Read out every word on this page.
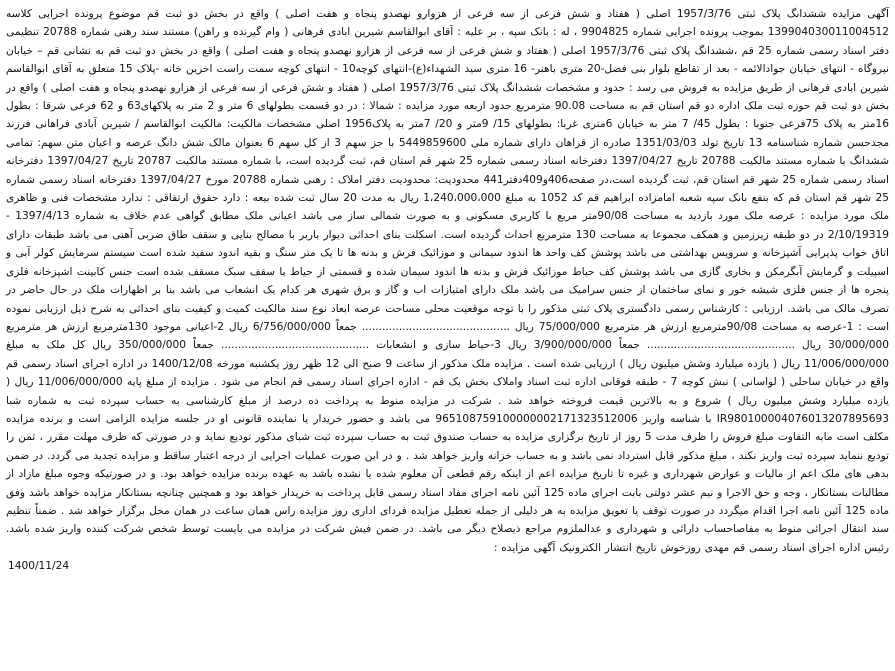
آگهی مزایده ششدانگ پلاک ثبتی 1957/3/76 اصلی ( هفتاد و شش فرعی از سه فرعی از هزوارو نهصدو پنجاه و هفت اصلی ) واقع در بخش دو ثبت قم موضوع پرونده اجرایی کلاسه 139904030011004512 بموجب پرونده اجرایی شماره 9904825 ، له : بانک سپه ، بر علیه : آقای ابوالقاسم شیرین ابادی فرهانی ( وام گیرنده و راهن) مستند سند رهنی شماره 20788 تنظیمی دفتر اسناد رسمی شماره 25 قم ،ششدانگ پلاک ثبتی 1957/3/76 اصلی ( هفتاد و شش فرعی از سه فرعی از هزارو نهصدو پنجاه و هفت اصلی ) واقع در بخش دو ثبت قم به نشانی قم – خیابان نیروگاه - انتهای خیابان جوادالائمه - بعد از تقاطع بلوار بنی فضل-20 متری باهنر- 16 متری سید الشهداء(ع)-انتهای کوچه10 - انتهای کوچه سمت راست اخرین خانه -پلاک 15 متعلق به آقای ابوالقاسم شیرین ابادی فرهانی از طریق مزایده به فروش می رسد : حدود و مشخصات ششدانگ پلاک ثبتی 1957/3/76 اصلی ( هفتاد و شش فرعی از سه فرعی از هزارو نهصدو پنجاه و هفت اصلی ) واقع در بخش دو ثبت قم حوزه ثبت ملک اداره دو قم استان قم به مساحت 90.08 مترمربع حدود اربعه مورد مزایده : شمالا : در دو قسمت بطولهای 6 متر و 2 متر به پلاکهای63 و 62 فرعی شرقا : بطول 16متر به پلاک 75فرعی جنوبا : بطول 45/ 7 متر به خیابان 6متری غربا: بطولهای 15/ 9متر و 20/ 7متر به پلاک1956 اصلی مشخصات مالکیت: مالکیت ابوالقاسم / شیرین آبادی فراهانی فرزند مجدحسن شماره شناسنامه 13 تاریخ تولد 1351/03/03 صادره از قراهان دارای شماره ملی 5449859600 با جز سهم 3 از کل سهم 6 بعنوان مالک شش دانگ عرصه و اعیان متن سهم: تمامی ششدانگ با شماره مستند مالکیت 20788 تاریخ 1397/04/27 دفترخانه اسناد رسمی شماره 25 شهر قم استان قم، ثبت گردیده است، با شماره مستند مالکیت 20787 تاریخ 1397/04/27 دفترخانه اسناد رسمی شماره 25 شهر قم استان قم، ثبت گردیده است،در صفحه406و409دفتر441 محدودیت: محدودیت دفتر املاک : رهنی شماره 20788 مورخ 1397/04/27 دفترخانه اسناد رسمی شماره 25 شهر قم استان قم که بنفع بانک سپه شعبه امامزاده ابراهیم قم کد 1052 به مبلغ 1،240،000،000 ریال به مدت 20 سال ثبت شده بیعه : دارد حقوق ارتفاقی : ندارد مشخصات فنی و ظاهری ملک مورد مزایده : عرصه ملک مورد بازدید به مساحت 90/08متر مربع با کاربری مسکونی و به صورت شمالی ساز می باشد اعیانی ملک مطابق گواهی عدم خلاف به شماره 1397/4/13 - 2/10/19319 در دو طبقه زیرزمین و همکف مجموعا به مساحت 130 مترمربع احداث گردیده است. اسکلت بنای احداثی دیوار باربر با مصالح بنایی و سقف طاق ضربی آهنی می باشد طبقات دارای اتاق خواب پذیرایی آشپزخانه و سرویس بهداشتی می باشد پوشش کف واحد ها اندود سیمانی و موزائیک فرش و بدنه ها تا یک متر سنگ و بقیه اندود سفید شده است سیستم سرمایش کولر آبی و اسپیلت و گرمایش آبگرمکن و بخاری گازی می باشد پوشش کف حیاط موزائیک فرش و بدنه ها اندود سیمان شده و قسمتی از حیاط با سقف سبک مسقف شده است جنس کابینت اشپزخانه فلزی پنجره ها از جنس فلزی شیشه خور و نمای ساختمان از جنس سرامیک می باشد ملک دارای امتیازات اب و گاز و برق شهری هر کدام یک انشعاب می باشد بنا بر اظهارات ملک در حال حاضر در تصرف مالک می باشد. ارزیابی : کارشناس رسمی دادگستری پلاک ثبتی مذکور را با توجه موقعیت محلی مساحت عرصه ابعاد نوع سند مالکیت کمیت و کیفیت بنای احداثی به شرح ذیل ارزیابی نموده است : 1-عرصه به مساحت 90/08مترمربع ارزش هر مترمربع 75/000/000 ریال ............................................ جمعاً 6/756/000/000 ریال 2-اعیانی موجود 130مترمربع ارزش هر مترمربع 30/000/000 ریال ............................................ جمعاً 3/900/000/000 ریال 3-حیاط سازی و انشعابات ............................................ جمعاً 350/000/000 ریال کل ملک به مبلغ 11/006/000/000 ریال ( یازده میلیارد وشش میلیون ریال ) ارزیابی شده است . مزایده ملک مذکور از ساعت 9 صبح الی 12 ظهر روز یکشنبه مورخه 1400/12/08 در اداره اجرای اسناد رسمی قم واقع در خیابان ساحلی ( لواسانی ) نبش کوچه 7 - طبقه فوقانی اداره ثبت اسناد واملاک بخش یک قم - اداره اجرای اسناد رسمی قم انجام می شود . مزایده از مبلغ پایه 11/006/000/000 ریال ( یازده میلیارد وشش میلیون ریال ) شروع و به بالاترین قیمت فروخته خواهد شد . شرکت در مزایده منوط به پرداخت ده درصد از مبلغ کارشناسی به حساب سپرده ثبت به شماره شبا IR980100004076013207895693 با شناسه واریز 965108759100000002171323512006 می باشد و حضور خریدار یا نماینده قانونی او در جلسه مزایده الزامی است و برنده مزایده مکلف است مابه التفاوت مبلغ فروش را ظرف مدت 5 روز از تاریخ برگزاری مزایده به حساب صندوق ثبت به حساب سپرده ثبت شبای مذکور تودیع نماید و در صورتی که ظرف مهلت مقرر ، ثمن را تودیع ننماید سپرده ثبت واریز نکند ، مبلغ مذکور قابل استرداد نمی باشد و به حساب خزانه واریز خواهد شد . و در این صورت عملیات اجرایی از درجه اعتبار ساقط و مزایده تجدید می گردد. در ضمن بدهی های ملک اعم از مالیات و عوارض شهرداری و غیره تا تاریخ مزایده اعم از اینکه رقم قطعی آن معلوم شده یا نشده باشد به عهده برنده مزایده خواهد بود. و در صورتیکه وجوه مبلغ مازاد از مطالبات بستانکار ، وجه و حق الاجرا و نیم عشر دولتی بابت اجرای ماده 125 آئین نامه اجرای مفاد اسناد رسمی قابل پرداخت به خریدار خواهد بود و همچنین چنانچه بستانکار مزایده خواهد باشد وفق ماده 125 آئین نامه اجرا اقدام میگردد در صورت توقف یا تعویق مزایده به هر دلیلی از جمله تعطیل مزایده فردای اداری روز مزایده راس همان ساعت در همان محل برگزار خواهد شد . ضمناً تنظیم سند انتقال اجرائی منوط به مفاصاحساب دارائی و شهرداری و عدالملزوم مراجع ذیصلاح دیگر می باشد. در ضمن فیش شرکت در مزایده می بایست توسط شخص شرکت کننده واریز شده باشد. رئیس اداره اجرای اسناد رسمی قم مهدی روزخوش تاریخ انتشار الکترونیک آگهی مزایده :

1400/11/24
